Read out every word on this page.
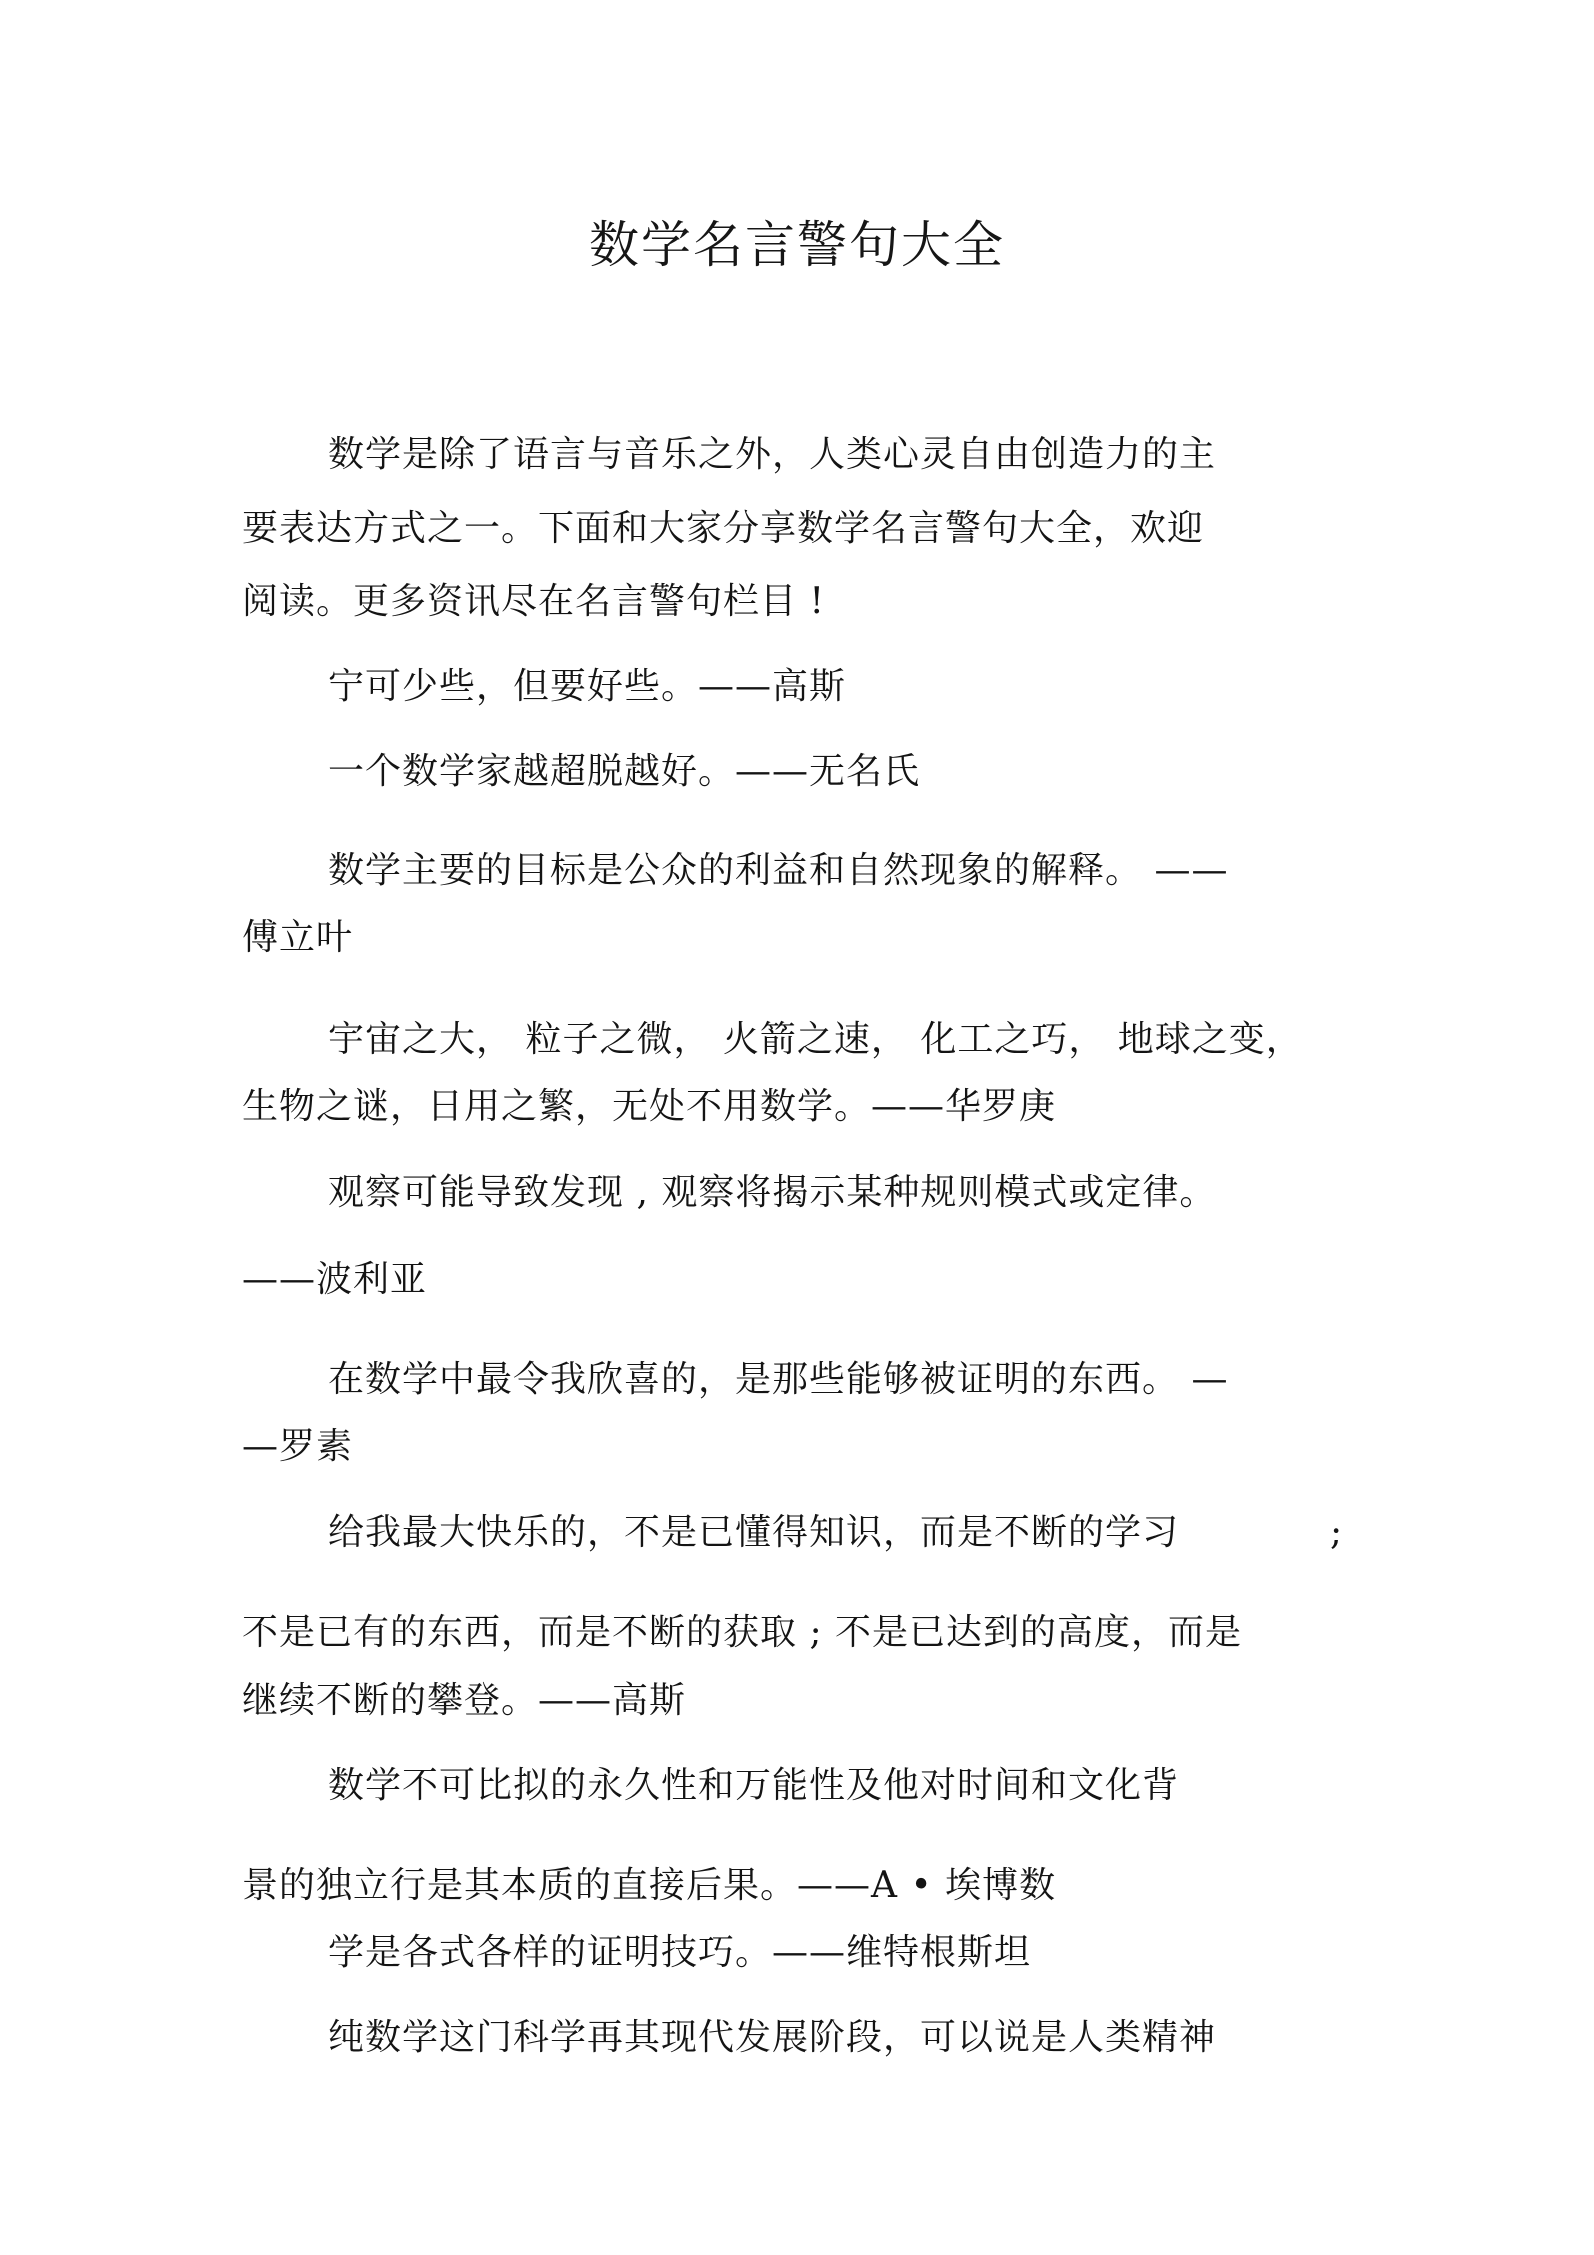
数学名言警句大全
数学是除了语言与音乐之外，人类心灵自由创造力的主
要表达方式之一。下面和大家分享数学名言警句大全，欢迎
阅读。更多资讯尽在名言警句栏目 !
宁可少些，但要好些。——高斯
一个数学家越超脱越好。——无名氏
数学主要的目标是公众的利益和自然现象的解释。 ——
傅立叶
宇宙之大， 粒子之微， 火箭之速， 化工之巧， 地球之变，
生物之谜，日用之繁，无处不用数学。——华罗庚
观察可能导致发现 , 观察将揭示某种规则模式或定律。
——波利亚
在数学中最令我欣喜的，是那些能够被证明的东西。 —
—罗素
给我最大快乐的，不是已懂得知识，而是不断的学习	;
不是已有的东西，而是不断的获取 ; 不是已达到的高度，而是
继续不断的攀登。——高斯
数学不可比拟的永久性和万能性及他对时间和文化背
景的独立行是其本质的直接后果。——A • 埃博数
学是各式各样的证明技巧。——维特根斯坦
纯数学这门科学再其现代发展阶段，可以说是人类精神
